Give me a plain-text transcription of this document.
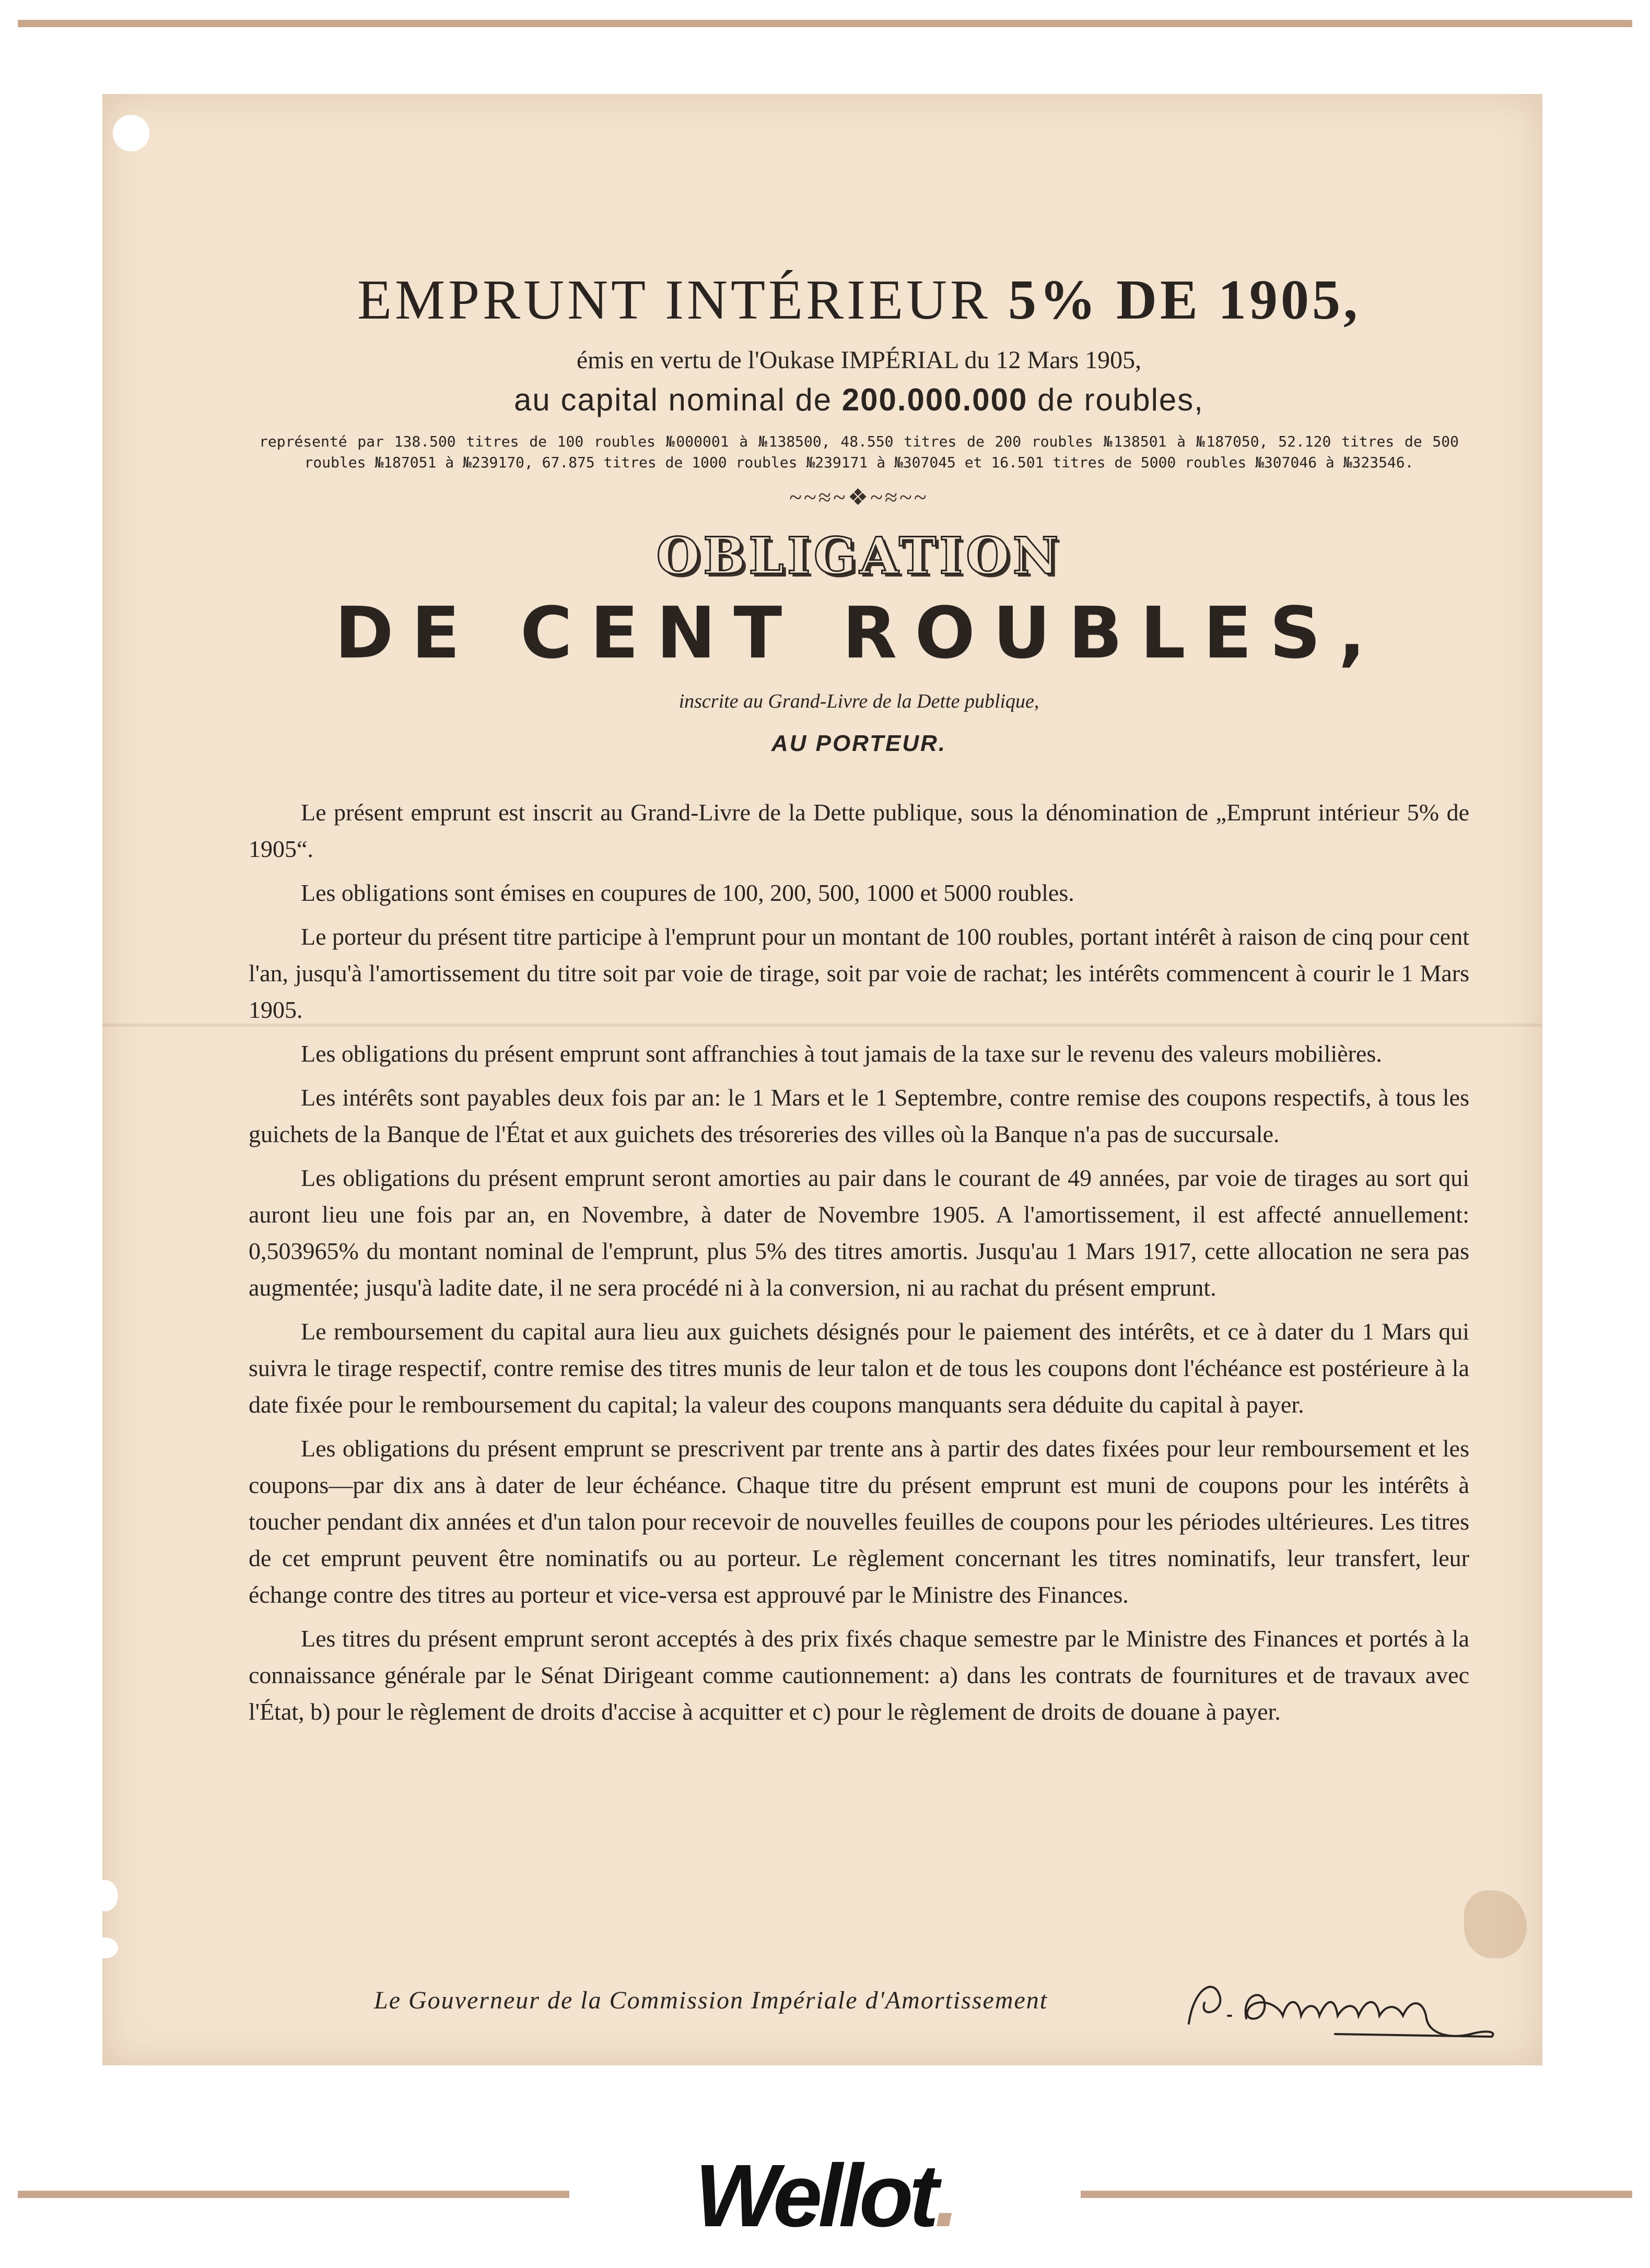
EMPRUNT INTÉRIEUR 5% DE 1905,
émis en vertu de l'Oukase IMPÉRIAL du 12 Mars 1905,
au capital nominal de 200.000.000 de roubles,
représenté par 138.500 titres de 100 roubles №000001 à №138500, 48.550 titres de 200 roubles №138501 à №187050, 52.120 titres de 500 roubles №187051 à №239170, 67.875 titres de 1000 roubles №239171 à №307045 et 16.501 titres de 5000 roubles №307046 à №323546.
~~≈~❖~≈~~
OBLIGATION
DE CENT ROUBLES,
inscrite au Grand-Livre de la Dette publique,
AU PORTEUR.

Le présent emprunt est inscrit au Grand-Livre de la Dette publique, sous la dénomination de „Emprunt intérieur 5% de 1905“.

Les obligations sont émises en coupures de 100, 200, 500, 1000 et 5000 roubles.

Le porteur du présent titre participe à l'emprunt pour un montant de 100 roubles, portant intérêt à raison de cinq pour cent l'an, jusqu'à l'amortissement du titre soit par voie de tirage, soit par voie de rachat; les intérêts commencent à courir le 1 Mars 1905.

Les obligations du présent emprunt sont affranchies à tout jamais de la taxe sur le revenu des valeurs mobilières.

Les intérêts sont payables deux fois par an: le 1 Mars et le 1 Septembre, contre remise des coupons respectifs, à tous les guichets de la Banque de l'État et aux guichets des trésoreries des villes où la Banque n'a pas de succursale.

Les obligations du présent emprunt seront amorties au pair dans le courant de 49 années, par voie de tirages au sort qui auront lieu une fois par an, en Novembre, à dater de Novembre 1905. A l'amortissement, il est affecté annuellement: 0,503965% du montant nominal de l'emprunt, plus 5% des titres amortis. Jusqu'au 1 Mars 1917, cette allocation ne sera pas augmentée; jusqu'à ladite date, il ne sera procédé ni à la conversion, ni au rachat du présent emprunt.

Le remboursement du capital aura lieu aux guichets désignés pour le paiement des intérêts, et ce à dater du 1 Mars qui suivra le tirage respectif, contre remise des titres munis de leur talon et de tous les coupons dont l'échéance est postérieure à la date fixée pour le remboursement du capital; la valeur des coupons manquants sera déduite du capital à payer.

Les obligations du présent emprunt se prescrivent par trente ans à partir des dates fixées pour leur remboursement et les coupons—par dix ans à dater de leur échéance. Chaque titre du présent emprunt est muni de coupons pour les intérêts à toucher pendant dix années et d'un talon pour recevoir de nouvelles feuilles de coupons pour les périodes ultérieures. Les titres de cet emprunt peuvent être nominatifs ou au porteur. Le règlement concernant les titres nominatifs, leur transfert, leur échange contre des titres au porteur et vice-versa est approuvé par le Ministre des Finances.

Les titres du présent emprunt seront acceptés à des prix fixés chaque semestre par le Ministre des Finances et portés à la connaissance générale par le Sénat Dirigeant comme cautionnement: a) dans les contrats de fournitures et de travaux avec l'État, b) pour le règlement de droits d'accise à acquitter et c) pour le règlement de droits de douane à payer.

Le Gouverneur de la Commission Impériale d'Amortissement
Wellot.
